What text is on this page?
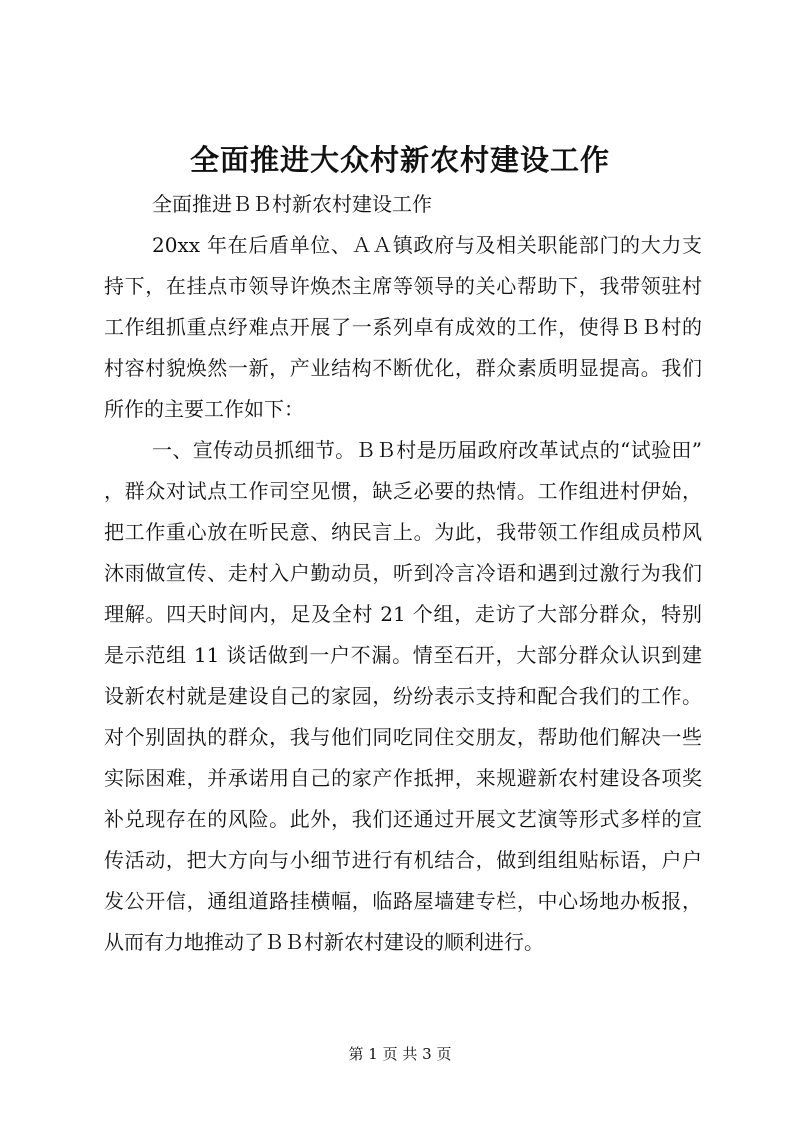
全面推进大众村新农村建设工作

全面推进ＢＢ村新农村建设工作

20xx 年在后盾单位、ＡＡ镇政府与及相关职能部门的大力支持下，在挂点市领导许焕杰主席等领导的关心帮助下，我带领驻村工作组抓重点纾难点开展了一系列卓有成效的工作，使得ＢＢ村的村容村貌焕然一新，产业结构不断优化，群众素质明显提高。我们所作的主要工作如下：

一、宣传动员抓细节。ＢＢ村是历届政府改革试点的“试验田”，群众对试点工作司空见惯，缺乏必要的热情。工作组进村伊始，把工作重心放在听民意、纳民言上。为此，我带领工作组成员栉风沐雨做宣传、走村入户勤动员，听到冷言冷语和遇到过激行为我们理解。四天时间内，足及全村 21 个组，走访了大部分群众，特别是示范组 11 谈话做到一户不漏。情至石开，大部分群众认识到建设新农村就是建设自己的家园，纷纷表示支持和配合我们的工作。对个别固执的群众，我与他们同吃同住交朋友，帮助他们解决一些实际困难，并承诺用自己的家产作抵押，来规避新农村建设各项奖补兑现存在的风险。此外，我们还通过开展文艺演等形式多样的宣传活动，把大方向与小细节进行有机结合，做到组组贴标语，户户发公开信，通组道路挂横幅，临路屋墙建专栏，中心场地办板报，从而有力地推动了ＢＢ村新农村建设的顺利进行。

第 1 页 共 3 页
